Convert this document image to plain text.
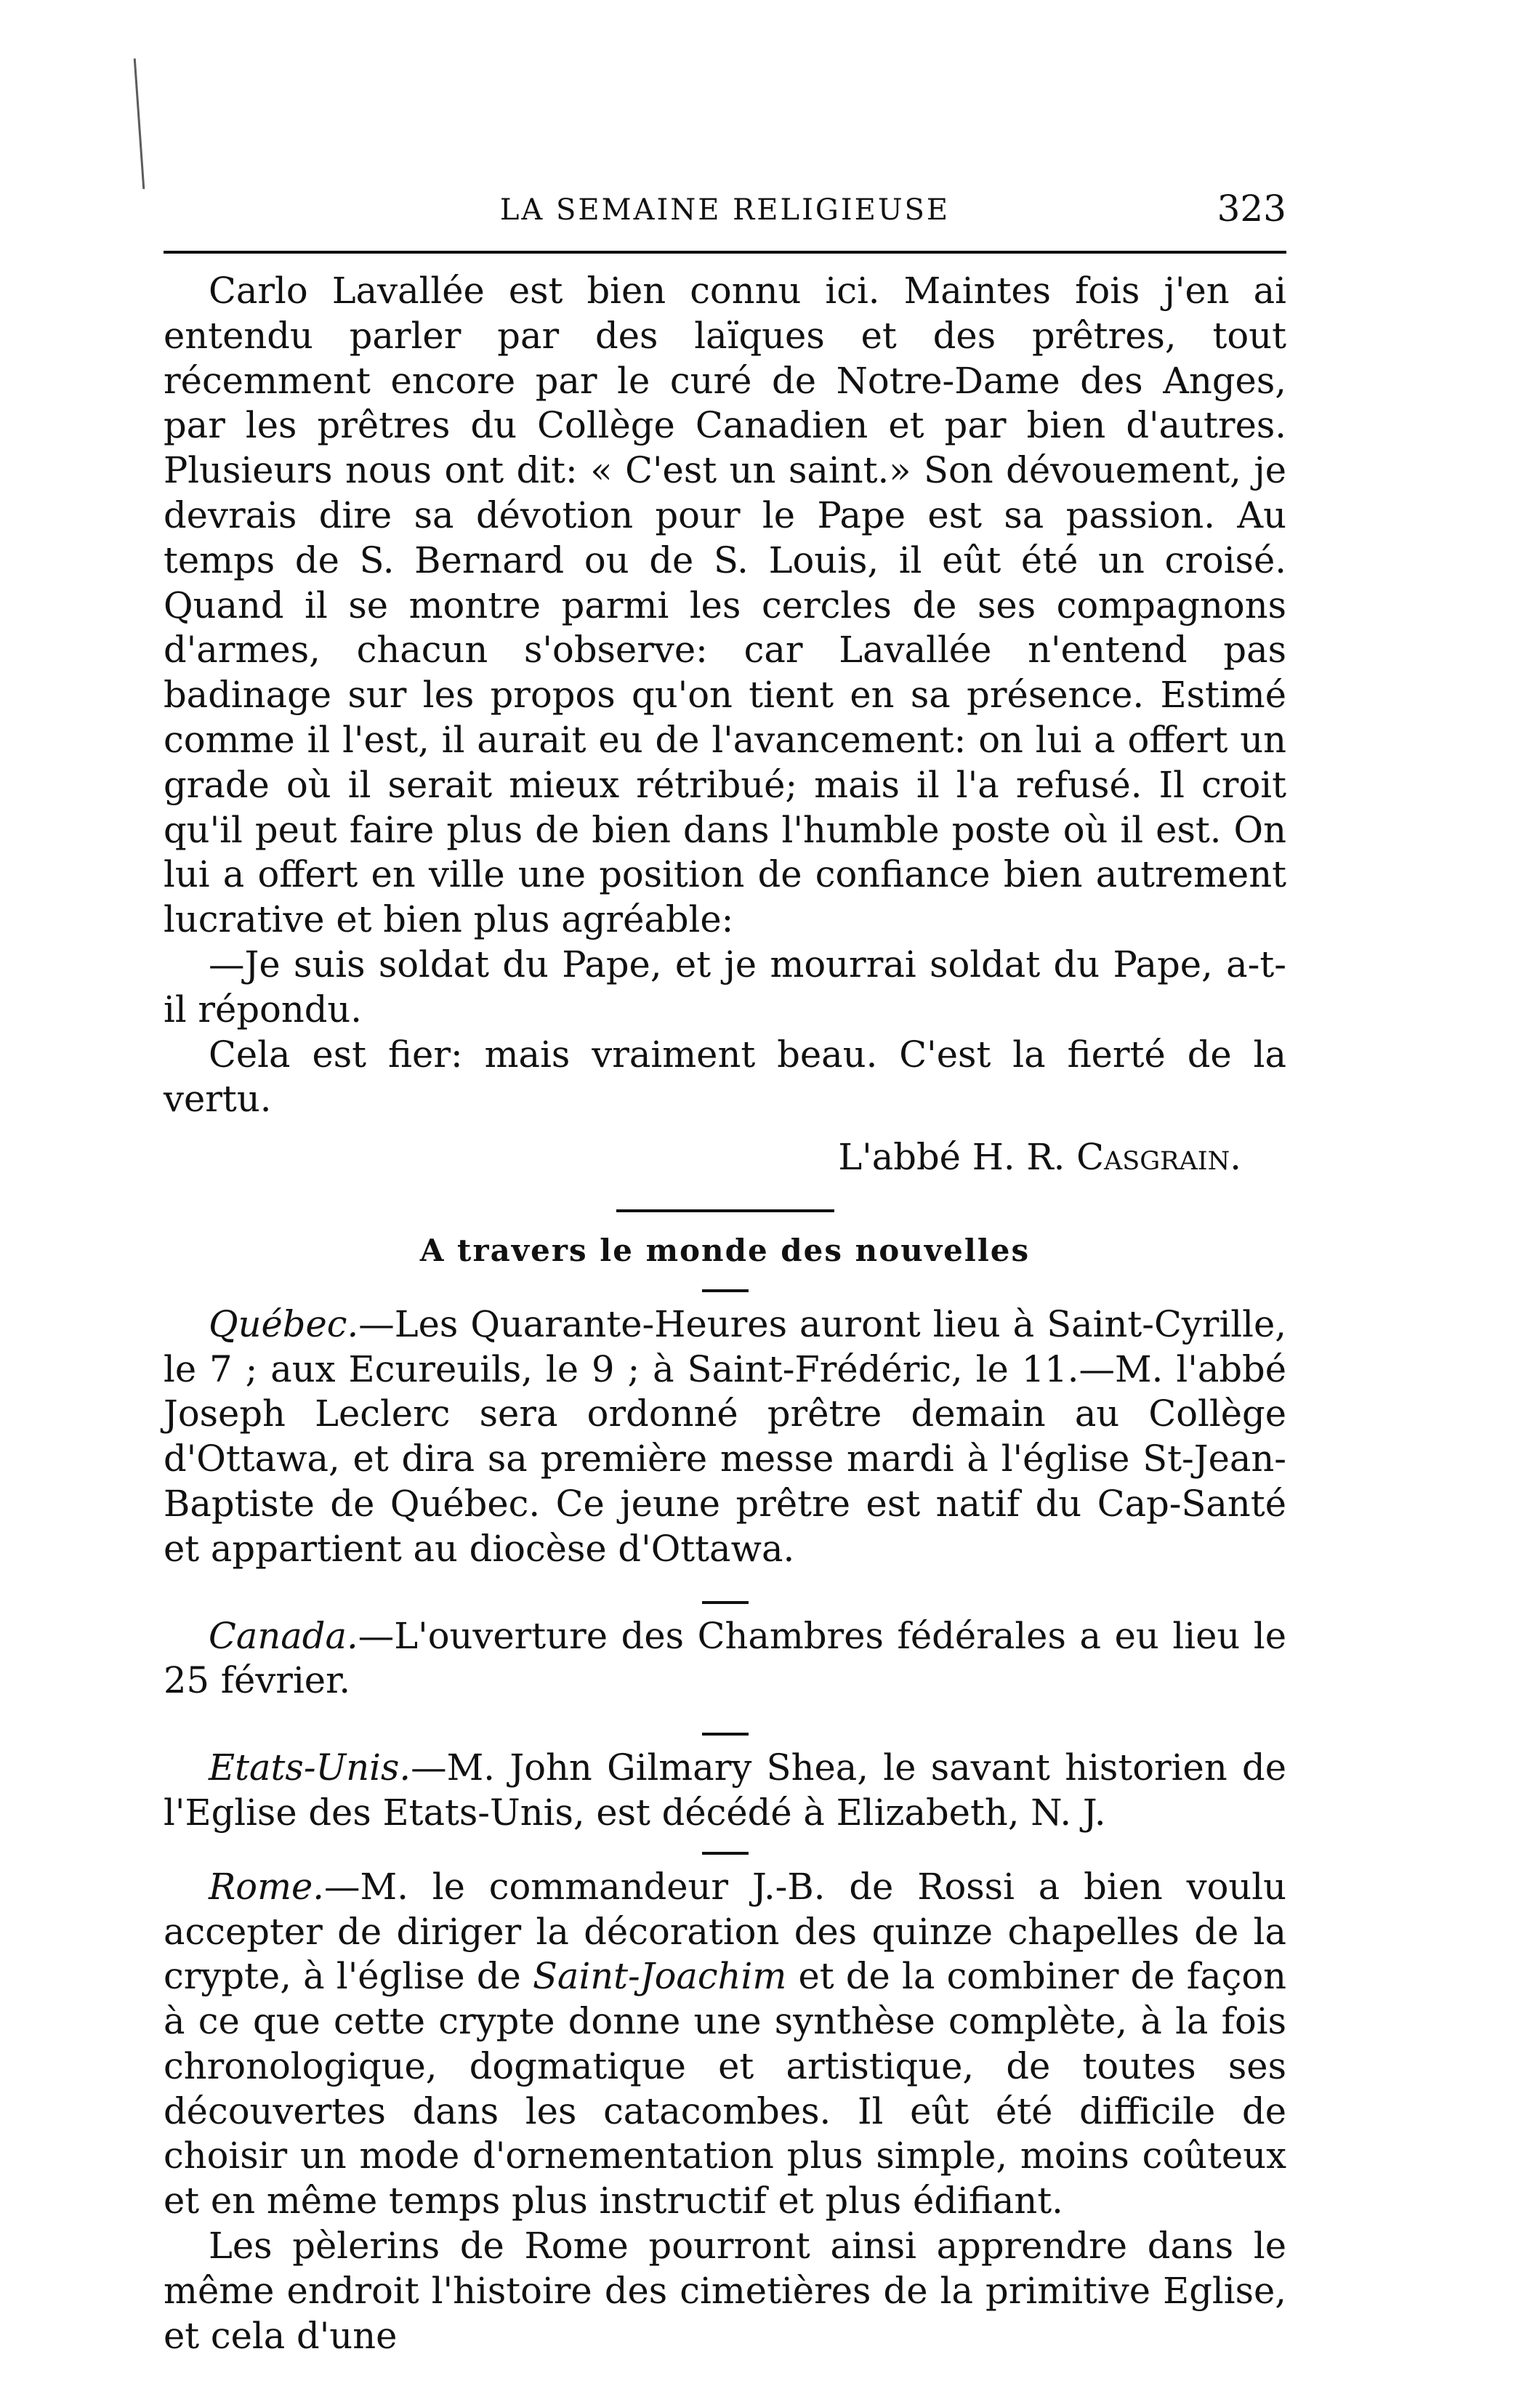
LA SEMAINE RELIGIEUSE	323

Carlo Lavallée est bien connu ici. Maintes fois j'en ai entendu parler par des laïques et des prêtres, tout récemment encore par le curé de Notre-Dame des Anges, par les prêtres du Collège Canadien et par bien d'autres. Plusieurs nous ont dit: « C'est un saint.» Son dévouement, je devrais dire sa dévotion pour le Pape est sa passion. Au temps de S. Bernard ou de S. Louis, il eût été un croisé. Quand il se montre parmi les cercles de ses compagnons d'armes, chacun s'observe: car Lavallée n'entend pas badinage sur les propos qu'on tient en sa présence. Estimé comme il l'est, il aurait eu de l'avancement: on lui a offert un grade où il serait mieux rétribué; mais il l'a refusé. Il croit qu'il peut faire plus de bien dans l'humble poste où il est. On lui a offert en ville une position de confiance bien autrement lucrative et bien plus agréable:

—Je suis soldat du Pape, et je mourrai soldat du Pape, a-t-il répondu.

Cela est fier: mais vraiment beau. C'est la fierté de la vertu.

L'abbé H. R. Casgrain.

A travers le monde des nouvelles

Québec.—Les Quarante-Heures auront lieu à Saint-Cyrille, le 7 ; aux Ecureuils, le 9 ; à Saint-Frédéric, le 11.—M. l'abbé Joseph Leclerc sera ordonné prêtre demain au Collège d'Ottawa, et dira sa première messe mardi à l'église St-Jean-Baptiste de Québec. Ce jeune prêtre est natif du Cap-Santé et appartient au diocèse d'Ottawa.

Canada.—L'ouverture des Chambres fédérales a eu lieu le 25 février.

Etats-Unis.—M. John Gilmary Shea, le savant historien de l'Eglise des Etats-Unis, est décédé à Elizabeth, N. J.

Rome.—M. le commandeur J.-B. de Rossi a bien voulu accepter de diriger la décoration des quinze chapelles de la crypte, à l'église de Saint-Joachim et de la combiner de façon à ce que cette crypte donne une synthèse complète, à la fois chronologique, dogmatique et artistique, de toutes ses découvertes dans les catacombes. Il eût été difficile de choisir un mode d'ornementation plus simple, moins coûteux et en même temps plus instructif et plus édifiant.

Les pèlerins de Rome pourront ainsi apprendre dans le même endroit l'histoire des cimetières de la primitive Eglise, et cela d'une
